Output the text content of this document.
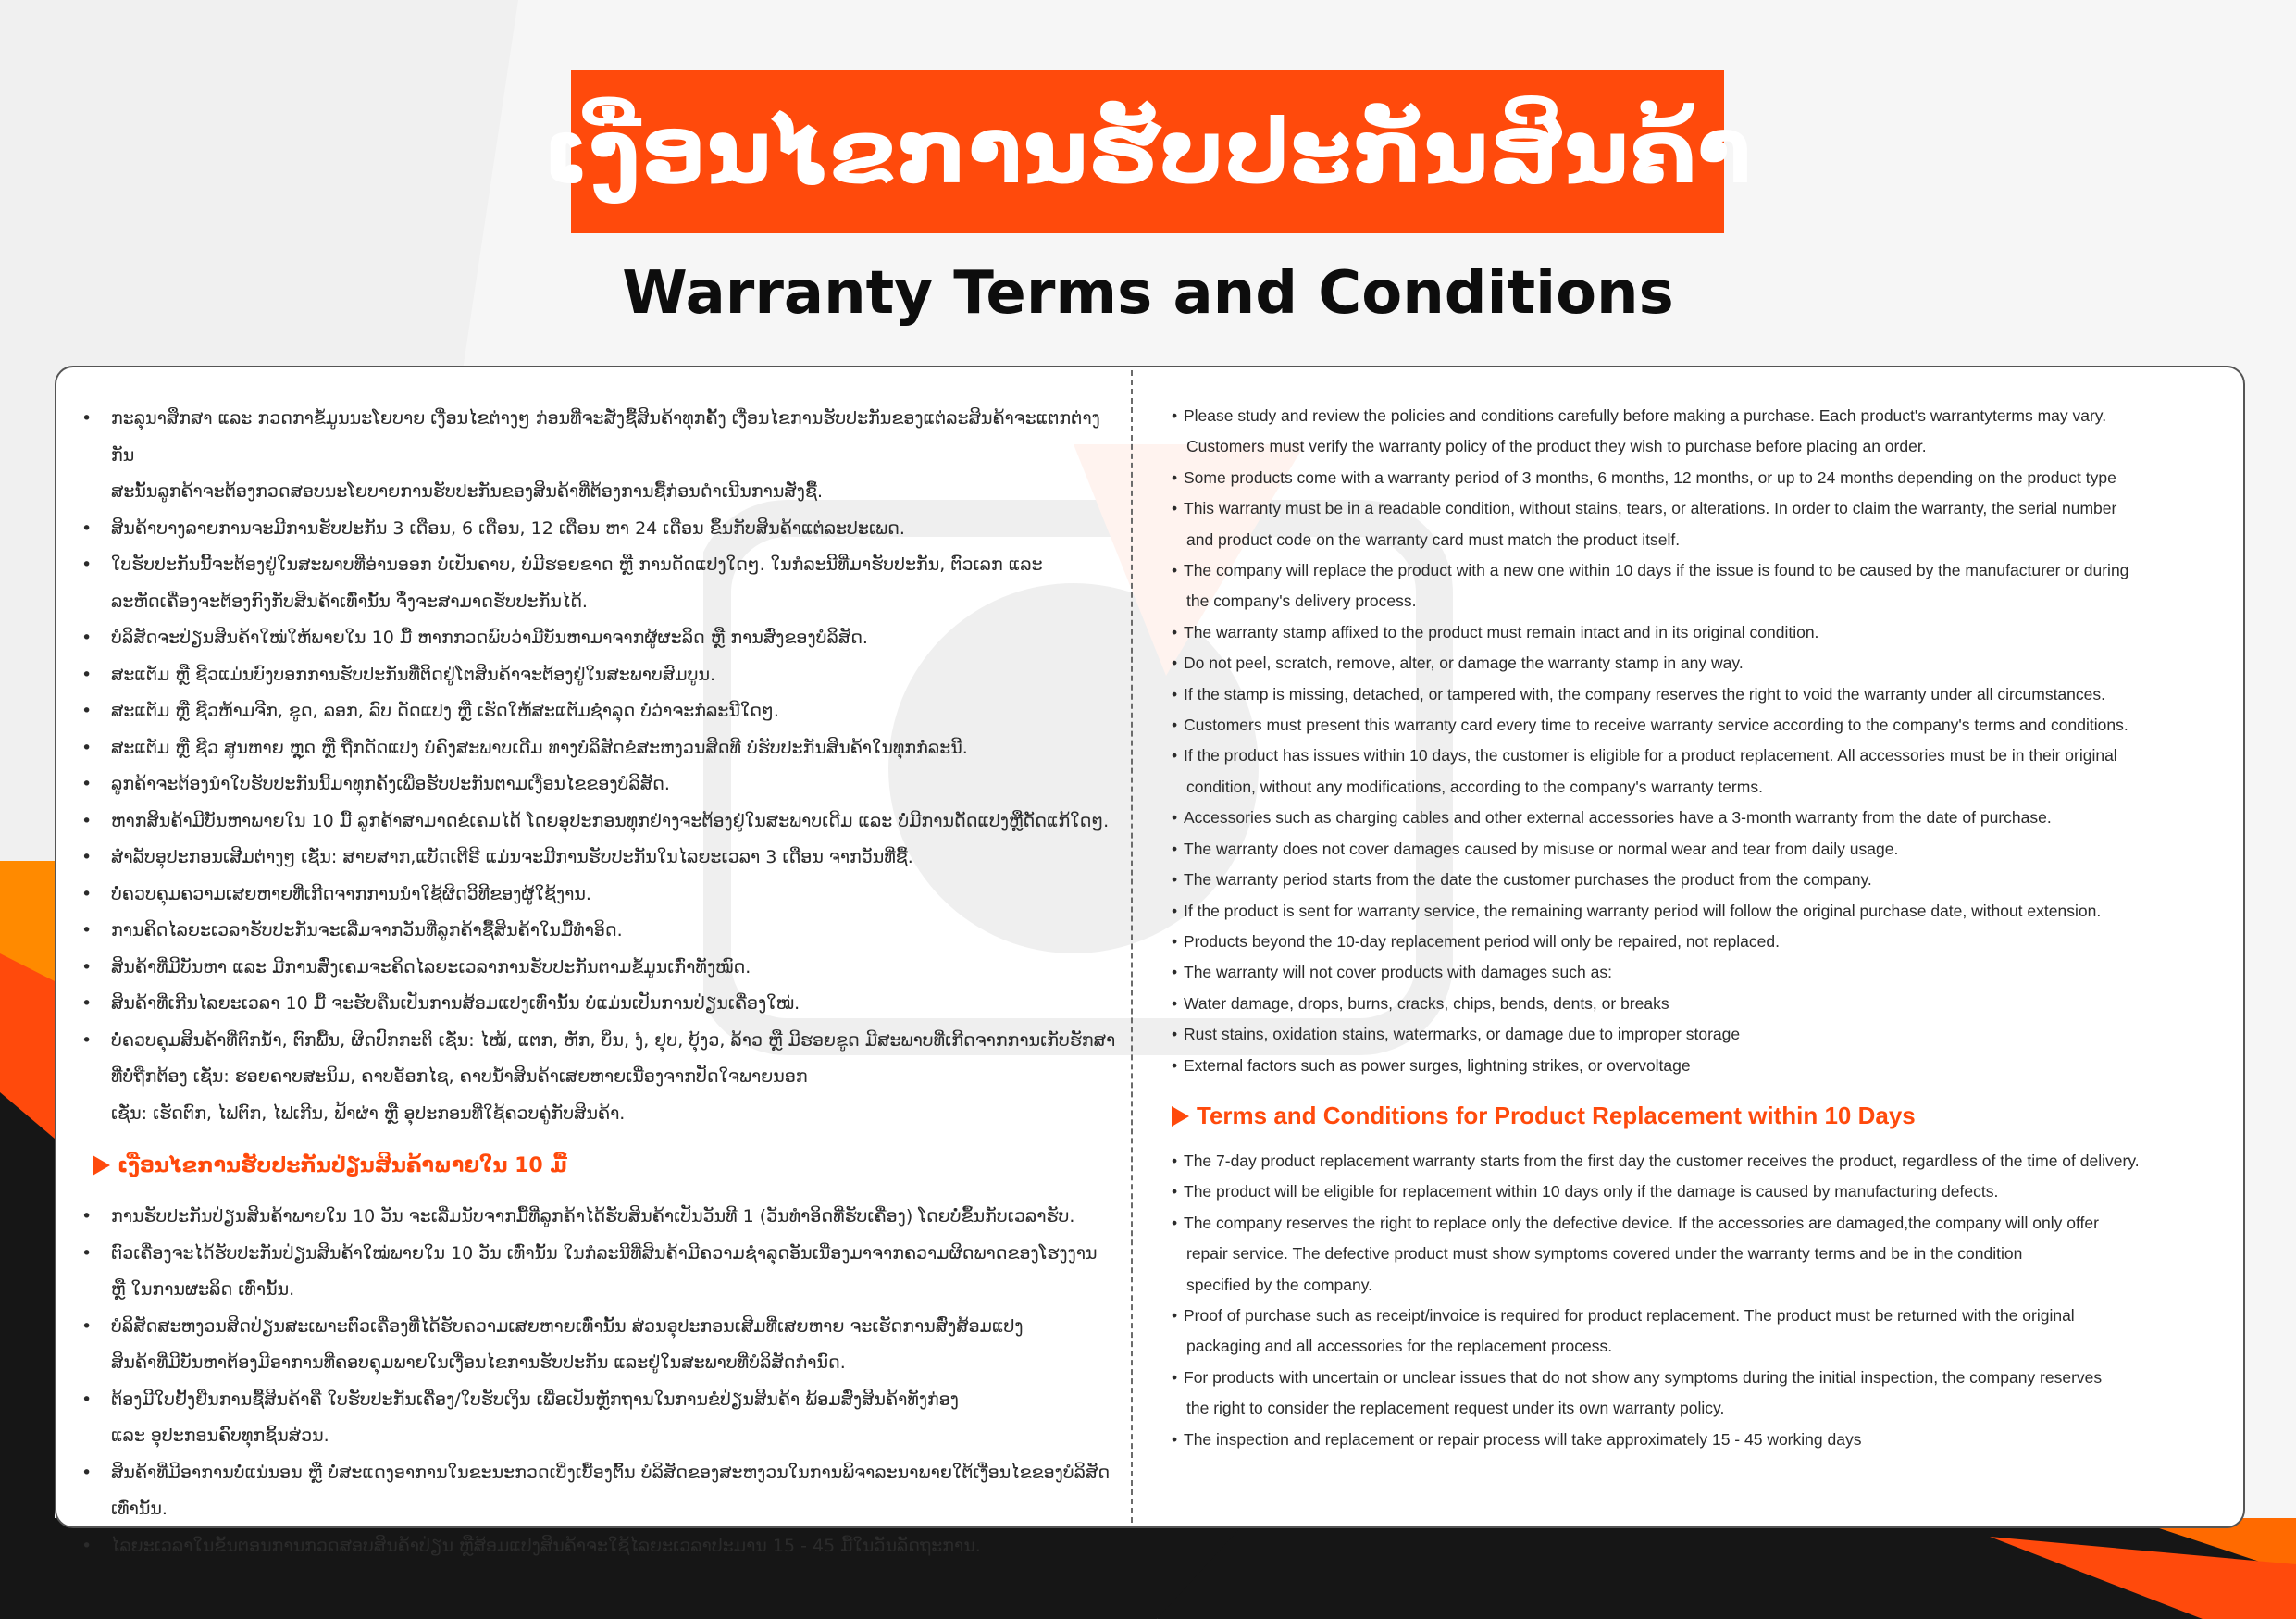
ເງື່ອນໄຂການຮັບປະກັນສິນຄ້າ
Warranty Terms and Conditions
•	ກະລຸນາສຶກສາ ແລະ ກວດກາຂໍ້ມູນນະໂຍບາຍ ເງື່ອນໄຂຕ່າງໆ ກ່ອນທີ່ຈະສັ່ງຊື້ສິນຄ້າທຸກຄັ້ງ ເງື່ອນໄຂການຮັບປະກັນຂອງແຕ່ລະສິນຄ້າຈະແຕກຕ່າງກັນ
ສະນັ້ນລູກຄ້າຈະຕ້ອງກວດສອບນະໂຍບາຍການຮັບປະກັນຂອງສິນຄ້າທີ່ຕ້ອງການຊື້ກ່ອນດຳເນີນການສັ່ງຊື້.
•	ສິນຄ້າບາງລາຍການຈະມີການຮັບປະກັນ 3 ເດືອນ, 6 ເດືອນ, 12 ເດືອນ ຫາ 24 ເດືອນ ຂຶ້ນກັບສິນຄ້າແຕ່ລະປະເພດ.
•	ໃບຮັບປະກັນນີ້ຈະຕ້ອງຢູ່ໃນສະພາບທີ່ອ່ານອອກ ບໍ່ເປັນຄາບ, ບໍ່ມີຮອຍຂາດ ຫຼື ການດັດແປງໃດໆ. ໃນກໍລະນີທີ່ມາຮັບປະກັນ, ຕົວເລກ ແລະ
ລະຫັດເຄື່ອງຈະຕ້ອງກົງກັບສິນຄ້າເທົ່ານັ້ນ ຈຶ່ງຈະສາມາດຮັບປະກັນໄດ້.
•	ບໍລິສັດຈະປ່ຽນສິນຄ້າໃໝ່ໃຫ້ພາຍໃນ 10 ມື້ ຫາກກວດພົບວ່າມີບັນຫາມາຈາກຜູ້ຜະລິດ ຫຼື ການສົ່ງຂອງບໍລິສັດ.
•	ສະແຕັມ ຫຼື ຊີວແມ່ນບົງບອກການຮັບປະກັນທີ່ຕິດຢູ່ໂຕສິນຄ້າຈະຕ້ອງຢູ່ໃນສະພາບສົມບູນ.
•	ສະແຕັມ ຫຼື ຊີວຫ້າມຈີກ, ຂູດ, ລອກ, ລົບ ດັດແປງ ຫຼື ເຮັດໃຫ້ສະແຕັມຊຳລຸດ ບໍ່ວ່າຈະກໍລະນີໃດໆ.
•	ສະແຕັມ ຫຼື ຊີວ ສູນຫາຍ ຫຼຸດ ຫຼື ຖືກດັດແປງ ບໍ່ຄົງສະພາບເດີມ ທາງບໍລິສັດຂໍສະຫງວນສິດທີ ບໍ່ຮັບປະກັນສິນຄ້າໃນທຸກກໍລະນີ.
•	ລູກຄ້າຈະຕ້ອງນຳໃບຮັບປະກັນນີ້ມາທຸກຄັ້ງເພື່ອຮັບປະກັນຕາມເງື່ອນໄຂຂອງບໍລິສັດ.
•	ຫາກສິນຄ້າມີບັນຫາພາຍໃນ 10 ມື້ ລູກຄ້າສາມາດຂໍເຄມໄດ້ ໂດຍອຸປະກອນທຸກຢ່າງຈະຕ້ອງຢູ່ໃນສະພາບເດີມ ແລະ ບໍ່ມີການດັດແປງຫຼືດັດແກ້ໃດໆ.
•	ສຳລັບອຸປະກອນເສີມຕ່າງໆ ເຊັ່ນ: ສາຍສາກ,ແບັດເຕີຣີ ແມ່ນຈະມີການຮັບປະກັນໃນໄລຍະເວລາ 3 ເດືອນ ຈາກວັນທີ່ຊື້.
•	ບໍ່ຄວບຄຸມຄວາມເສຍຫາຍທີ່ເກີດຈາກການນຳໃຊ້ຜິດວິທີຂອງຜູ້ໃຊ້ງານ.
•	ການຄິດໄລຍະເວລາຮັບປະກັນຈະເລີ່ມຈາກວັນທີ່ລູກຄ້າຊື້ສິນຄ້າໃນມື້ທຳອິດ.
•	ສິນຄ້າທີ່ມີບັນຫາ ແລະ ມີການສົ່ງເຄມຈະຄິດໄລຍະເວລາການຮັບປະກັນຕາມຂໍ້ມູນເກົ່າທັງໝົດ.
•	ສິນຄ້າທີ່ເກີນໄລຍະເວລາ 10 ມື້ ຈະຮັບຄືນເປັນການສ້ອມແປງເທົ່ານັ້ນ ບໍ່ແມ່ນເປັນການປ່ຽນເຄື່ອງໃໝ່.
•	ບໍ່ຄວບຄຸມສິນຄ້າທີ່ຕົກນ້ຳ, ຕົກພື້ນ, ຜິດປົກກະຕິ ເຊັ່ນ: ໄໝ້, ແຕກ, ຫັກ, ບິ່ນ, ງໍ, ຢຸບ, ບຸ້ງວ, ລ້າວ ຫຼື ມີຮອຍຂູດ ມີສະພາບທີ່ເກີດຈາກການເກັບຮັກສາ
ທີ່ບໍ່ຖືກຕ້ອງ ເຊັ່ນ: ຮອຍຄາບສະນິມ, ຄາບອັອກໄຊ, ຄາບນ້ຳສິນຄ້າເສຍຫາຍເນື່ອງຈາກປັດໃຈພາຍນອກ
ເຊັ່ນ: ເຮັດຕົກ, ໄຟຕົກ, ໄຟເກີນ, ຟ້າຜ່າ ຫຼື ອຸປະກອນທີ່ໃຊ້ຄວບຄູ່ກັບສິນຄ້າ.
ເງື່ອນໄຂການຮັບປະກັນປ່ຽນສິນຄ້າພາຍໃນ 10 ມື້
•	ການຮັບປະກັນປ່ຽນສິນຄ້າພາຍໃນ 10 ວັນ ຈະເລີ່ມນັບຈາກມື້ທີ່ລູກຄ້າໄດ້ຮັບສິນຄ້າເປັນວັນທີ 1 (ວັນທຳອິດທີ່ຮັບເຄື່ອງ) ໂດຍບໍ່ຂຶ້ນກັບເວລາຮັບ.
•	ຕົວເຄື່ອງຈະໄດ້ຮັບປະກັນປ່ຽນສິນຄ້າໃໝ່ພາຍໃນ 10 ວັນ ເທົ່ານັ້ນ ໃນກໍລະນີທີ່ສິນຄ້າມີຄວາມຊຳລຸດອັນເນື່ອງມາຈາກຄວາມຜິດພາດຂອງໂຮງງານ
ຫຼື ໃນການຜະລິດ ເທົ່ານັ້ນ.
•	ບໍລິສັດສະຫງວນສິດປ່ຽນສະເພາະຕົວເຄື່ອງທີ່ໄດ້ຮັບຄວາມເສຍຫາຍເທົ່ານັ້ນ ສ່ວນອຸປະກອນເສີມທີ່ເສຍຫາຍ ຈະເຮັດການສົ່ງສ້ອມແປງ
ສິນຄ້າທີ່ມີບັນຫາຕ້ອງມີອາການທີ່ຄອບຄຸມພາຍໃນເງື່ອນໄຂການຮັບປະກັນ ແລະຢູ່ໃນສະພາບທີ່ບໍລິສັດກຳນົດ.
•	ຕ້ອງມີໃບຢັ້ງຢືນການຊື້ສິນຄ້າຄື ໃບຮັບປະກັນເຄື່ອງ/ໃບຮັບເງິນ ເພື່ອເປັນຫຼັກຖານໃນການຂໍປ່ຽນສິນຄ້າ ພ້ອມສົ່ງສິນຄ້າທັງກ່ອງ
ແລະ ອຸປະກອນຄົບທຸກຊິ້ນສ່ວນ.
•	ສິນຄ້າທີ່ມີອາການບໍ່ແນ່ນອນ ຫຼື ບໍ່ສະແດງອາການໃນຂະນະກວດເບິ່ງເບື້ອງຕົ້ນ ບໍລິສັດຂອງສະຫງວນໃນການພິຈາລະນາພາຍໃຕ້ເງື່ອນໄຂຂອງບໍລິສັດເທົ່ານັ້ນ.
•	ໄລຍະເວລາໃນຂັ້ນຕອນການກວດສອບສິນຄ້າປ່ຽນ ຫຼືສ້ອມແປງສິນຄ້າຈະໃຊ້ໄລຍະເວລາປະມານ 15 - 45 ມື້ໃນວັນລັດຖະການ.
• Please study and review the policies and conditions carefully before making a purchase. Each product's warrantyterms may vary.
Customers must verify the warranty policy of the product they wish to purchase before placing an order.
• Some products come with a warranty period of 3 months, 6 months, 12 months, or up to 24 months depending on the product type
• This warranty must be in a readable condition, without stains, tears, or alterations. In order to claim the warranty, the serial number
and product code on the warranty card must match the product itself.
• The company will replace the product with a new one within 10 days if the issue is found to be caused by the manufacturer or during
the company's delivery process.
• The warranty stamp affixed to the product must remain intact and in its original condition.
• Do not peel, scratch, remove, alter, or damage the warranty stamp in any way.
• If the stamp is missing, detached, or tampered with, the company reserves the right to void the warranty under all circumstances.
• Customers must present this warranty card every time to receive warranty service according to the company's terms and conditions.
• If the product has issues within 10 days, the customer is eligible for a product replacement. All accessories must be in their original
condition, without any modifications, according to the company's warranty terms.
• Accessories such as charging cables and other external accessories have a 3-month warranty from the date of purchase.
• The warranty does not cover damages caused by misuse or normal wear and tear from daily usage.
• The warranty period starts from the date the customer purchases the product from the company.
• If the product is sent for warranty service, the remaining warranty period will follow the original purchase date, without extension.
• Products beyond the 10-day replacement period will only be repaired, not replaced.
• The warranty will not cover products with damages such as:
• Water damage, drops, burns, cracks, chips, bends, dents, or breaks
• Rust stains, oxidation stains, watermarks, or damage due to improper storage
• External factors such as power surges, lightning strikes, or overvoltage
Terms and Conditions for Product Replacement within 10 Days
• The 7-day product replacement warranty starts from the first day the customer receives the product, regardless of the time of delivery.
• The product will be eligible for replacement within 10 days only if the damage is caused by manufacturing defects.
• The company reserves the right to replace only the defective device. If the accessories are damaged,the company will only offer
repair service. The defective product must show symptoms covered under the warranty terms and be in the condition
specified by the company.
• Proof of purchase such as receipt/invoice is required for product replacement. The product must be returned with the original
packaging and all accessories for the replacement process.
• For products with uncertain or unclear issues that do not show any symptoms during the initial inspection, the company reserves
the right to consider the replacement request under its own warranty policy.
• The inspection and replacement or repair process will take approximately 15 - 45 working days
